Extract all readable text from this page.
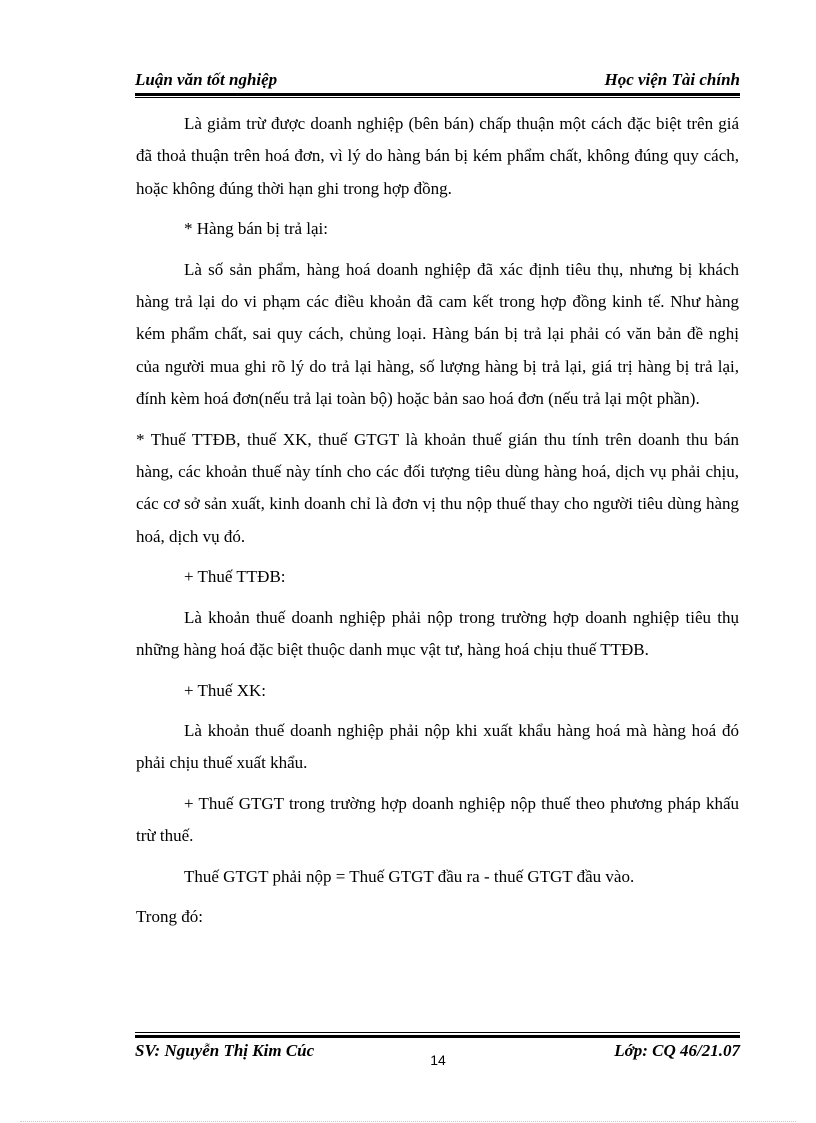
Luận văn tốt nghiệp	Học viện Tài chính

Là giảm trừ được doanh nghiệp (bên bán) chấp thuận một cách đặc biệt trên giá đã thoả thuận trên hoá đơn, vì lý do hàng bán bị kém phẩm chất, không đúng quy cách, hoặc không đúng thời hạn ghi trong hợp đồng.

* Hàng bán bị trả lại:

Là số sản phẩm, hàng hoá doanh nghiệp đã xác định tiêu thụ, nhưng bị khách hàng trả lại do vi phạm các điều khoản đã cam kết trong hợp đồng kinh tế. Như hàng kém phẩm chất, sai quy cách, chủng loại. Hàng bán bị trả lại phải có văn bản đề nghị của người mua ghi rõ lý do trả lại hàng, số lượng hàng bị trả lại, giá trị hàng bị trả lại, đính kèm hoá đơn(nếu trả lại toàn bộ) hoặc bản sao hoá đơn (nếu trả lại một phần).

* Thuế TTĐB, thuế XK, thuế GTGT là khoản thuế gián thu tính trên doanh thu bán hàng, các khoản thuế này tính cho các đối tượng tiêu dùng hàng hoá, dịch vụ phải chịu, các cơ sở sản xuất, kinh doanh chỉ là đơn vị thu nộp thuế thay cho người tiêu dùng hàng hoá, dịch vụ đó.

+ Thuế TTĐB:

Là khoản thuế doanh nghiệp phải nộp trong trường hợp doanh nghiệp tiêu thụ những hàng hoá đặc biệt thuộc danh mục vật tư, hàng hoá chịu thuế TTĐB.

+ Thuế XK:

Là khoản thuế doanh nghiệp phải nộp khi xuất khẩu hàng hoá mà hàng hoá đó phải chịu thuế xuất khẩu.

+ Thuế GTGT trong trường hợp doanh nghiệp nộp thuế theo phương pháp khấu trừ thuế.

Thuế GTGT phải nộp = Thuế GTGT đầu ra - thuế GTGT đầu vào.

Trong đó:

SV: Nguyễn Thị Kim Cúc	Lớp: CQ 46/21.07
14
